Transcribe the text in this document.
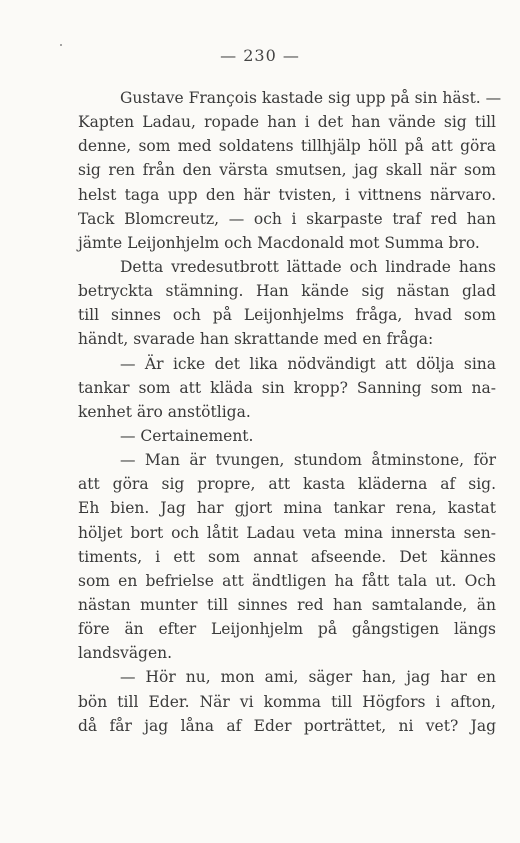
— 230 —
Gustave François kastade sig upp på sin häst. —
Kapten Ladau, ropade han i det han vände sig till
denne, som med soldatens tillhjälp höll på att göra
sig ren från den värsta smutsen, jag skall när som
helst taga upp den här tvisten, i vittnens närvaro.
Tack Blomcreutz, — och i skarpaste traf red han
jämte Leijonhjelm och Macdonald mot Summa bro.
Detta vredesutbrott lättade och lindrade hans
betryckta stämning. Han kände sig nästan glad
till sinnes och på Leijonhjelms fråga, hvad som
händt, svarade han skrattande med en fråga:
— Är icke det lika nödvändigt att dölja sina
tankar som att kläda sin kropp? Sanning som na-
kenhet äro anstötliga.
— Certainement.
— Man är tvungen, stundom åtminstone, för
att göra sig propre, att kasta kläderna af sig.
Eh bien. Jag har gjort mina tankar rena, kastat
höljet bort och låtit Ladau veta mina innersta sen-
timents, i ett som annat afseende. Det kännes
som en befrielse att ändtligen ha fått tala ut. Och
nästan munter till sinnes red han samtalande, än
före än efter Leijonhjelm på gångstigen längs
landsvägen.
— Hör nu, mon ami, säger han, jag har en
bön till Eder. När vi komma till Högfors i afton,
då får jag låna af Eder porträttet, ni vet? Jag
